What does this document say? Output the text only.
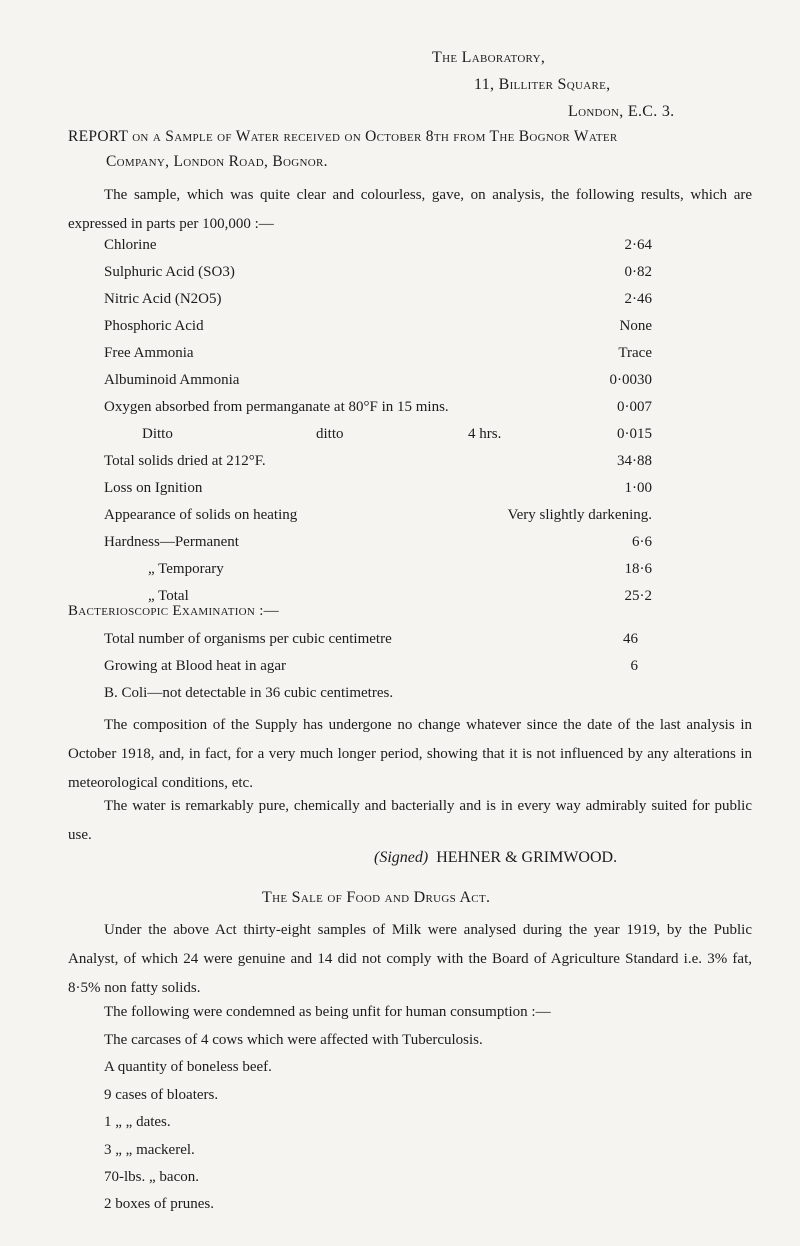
The Laboratory,
11, Billiter Square,
London, E.C. 3.
REPORT on a Sample of Water received on October 8th from The Bognor Water
Company, London Road, Bognor.
The sample, which was quite clear and colourless, gave, on analysis, the following results, which are expressed in parts per 100,000 :—
Chlorine	2·64
Sulphuric Acid (SO3)	0·82
Nitric Acid (N2O5)	2·46
Phosphoric Acid	None
Free Ammonia	Trace
Albuminoid Ammonia	0·0030
Oxygen absorbed from permanganate at 80°F in 15 mins.	0·007
Ditto	ditto	4 hrs.	0·015
Total solids dried at 212°F.	34·88
Loss on Ignition	1·00
Appearance of solids on heating	Very slightly darkening.
Hardness—Permanent	6·6
„ Temporary	18·6
„ Total	25·2
Bacterioscopic Examination :—
Total number of organisms per cubic centimetre	46
Growing at Blood heat in agar	6
B. Coli—not detectable in 36 cubic centimetres.
The composition of the Supply has undergone no change whatever since the date of the last analysis in October 1918, and, in fact, for a very much longer period, showing that it is not influenced by any alterations in meteorological conditions, etc.
The water is remarkably pure, chemically and bacterially and is in every way admirably suited for public use.
(Signed) HEHNER & GRIMWOOD.
The Sale of Food and Drugs Act.
Under the above Act thirty-eight samples of Milk were analysed during the year 1919, by the Public Analyst, of which 24 were genuine and 14 did not comply with the Board of Agriculture Standard i.e. 3% fat, 8·5% non fatty solids.
The following were condemned as being unfit for human consumption :—
The carcases of 4 cows which were affected with Tuberculosis.
A quantity of boneless beef.
9 cases of bloaters.
1 „ „ dates.
3 „ „ mackerel.
70-lbs. „ bacon.
2 boxes of prunes.
